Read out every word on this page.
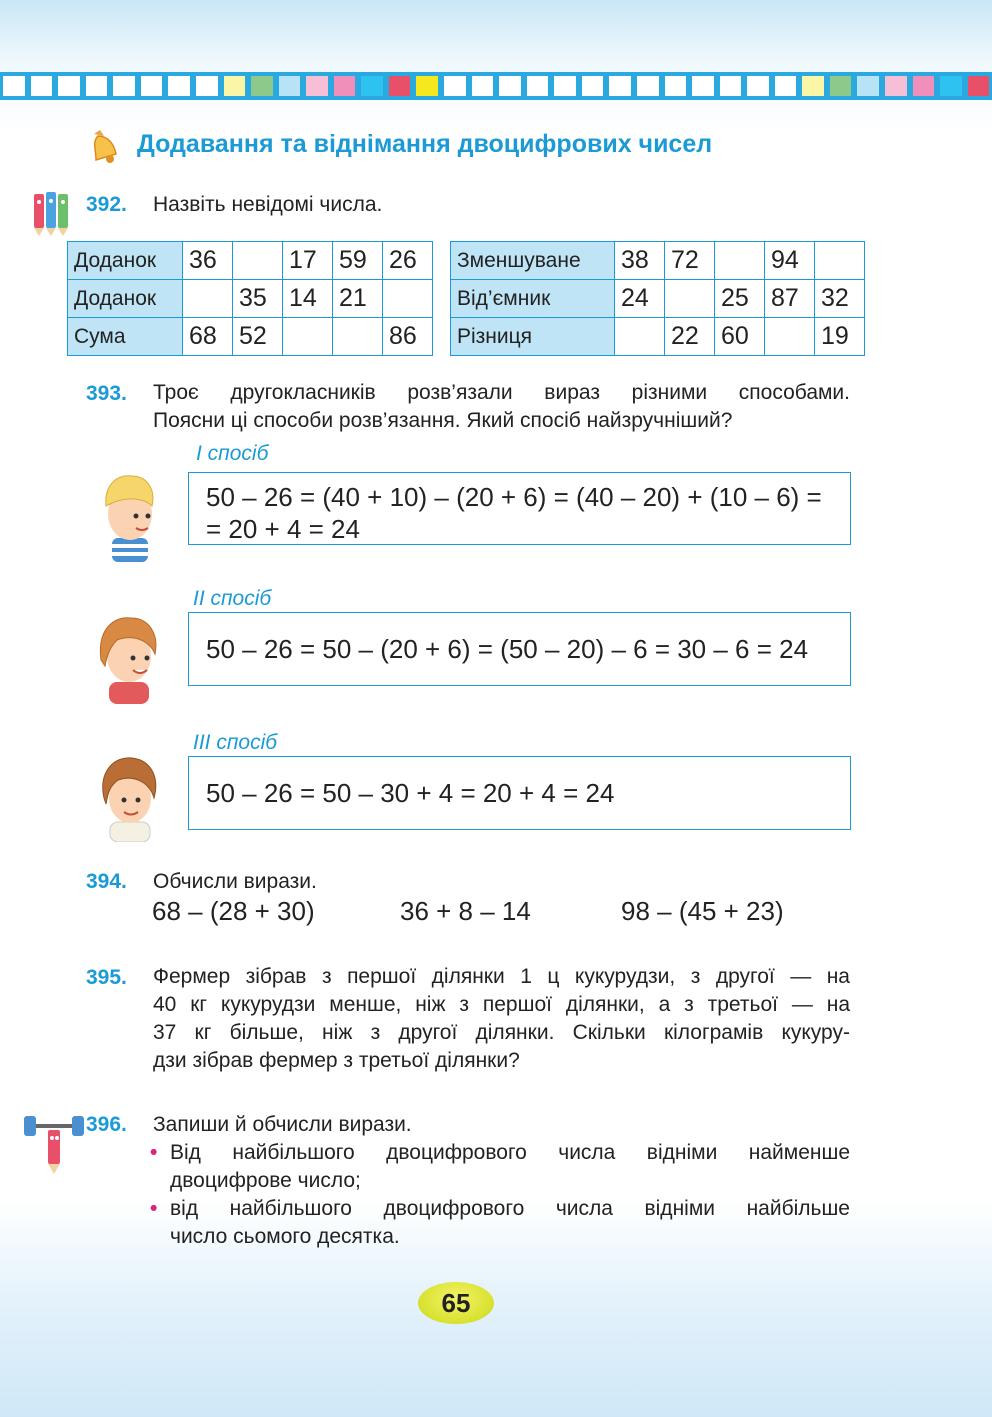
Додавання та віднімання двоцифрових чисел
392. Назвіть невідомі числа.
Доданок	36		17	59	26
Доданок		35	14	21	
Сума	68	52			86
Зменшуване	38	72		94	
Від’ємник	24		25	87	32
Різниця		22	60		19
393. Троє другокласників розв’язали вираз різними способами.
Поясни ці способи розв’язання. Який спосіб найзручніший?
I спосіб
50 – 26 = (40 + 10) – (20 + 6) = (40 – 20) + (10 – 6) =
= 20 + 4 = 24
II спосіб
50 – 26 = 50 – (20 + 6) = (50 – 20) – 6 = 30 – 6 = 24
III спосіб
50 – 26 = 50 – 30 + 4 = 20 + 4 = 24
394. Обчисли вирази.
68 – (28 + 30)	36 + 8 – 14	98 – (45 + 23)
395. Фермер зібрав з першої ділянки 1 ц кукурудзи, з другої — на
40 кг кукурудзи менше, ніж з першої ділянки, а з третьої — на
37 кг більше, ніж з другої ділянки. Скільки кілограмів кукуру-
дзи зібрав фермер з третьої ділянки?
396. Запиши й обчисли вирази.
• Від найбільшого двоцифрового числа відніми найменше
двоцифрове число;
• від найбільшого двоцифрового числа відніми найбільше
число сьомого десятка.
65
